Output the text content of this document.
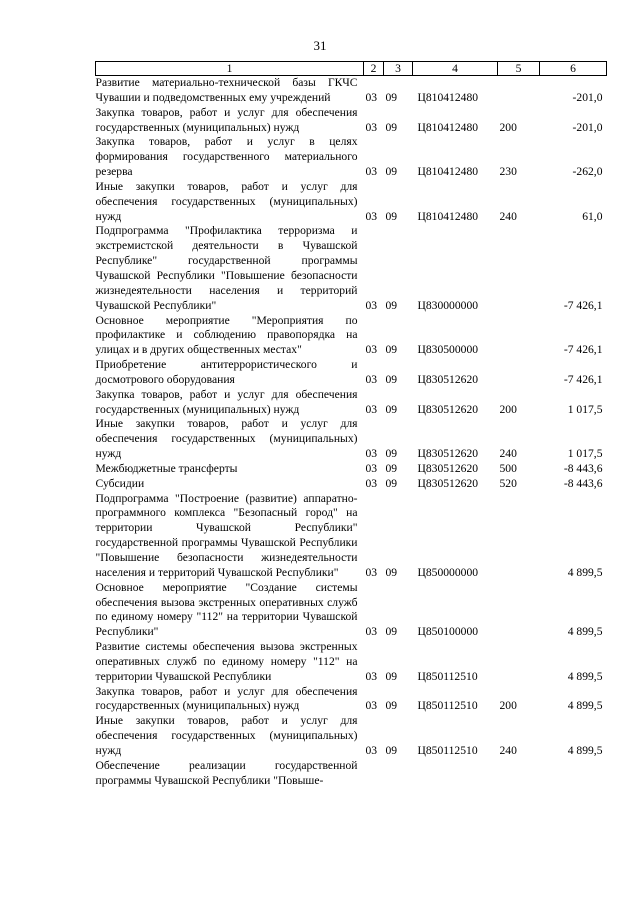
31
1	2	3	4	5	6
Развитие материально-технической базы ГКЧС Чувашии и подведомственных ему учреждений	03	09	Ц810412480		-201,0
Закупка товаров, работ и услуг для обеспечения государственных (муниципальных) нужд	03	09	Ц810412480	200	-201,0
Закупка товаров, работ и услуг в целях формирования государственного материального резерва	03	09	Ц810412480	230	-262,0
Иные закупки товаров, работ и услуг для обеспечения государственных (муниципальных) нужд	03	09	Ц810412480	240	61,0
Подпрограмма "Профилактика терроризма и экстремистской деятельности в Чувашской Республике" государственной программы Чувашской Республики "Повышение безопасности жизнедеятельности населения и территорий Чувашской Республики"	03	09	Ц830000000		-7 426,1
Основное мероприятие "Мероприятия по профилактике и соблюдению правопорядка на улицах и в других общественных местах"	03	09	Ц830500000		-7 426,1
Приобретение антитеррористического и досмотрового оборудования	03	09	Ц830512620		-7 426,1
Закупка товаров, работ и услуг для обеспечения государственных (муниципальных) нужд	03	09	Ц830512620	200	1 017,5
Иные закупки товаров, работ и услуг для обеспечения государственных (муниципальных) нужд	03	09	Ц830512620	240	1 017,5
Межбюджетные трансферты	03	09	Ц830512620	500	-8 443,6
Субсидии	03	09	Ц830512620	520	-8 443,6
Подпрограмма "Построение (развитие) аппаратно-программного комплекса "Безопасный город" на территории Чувашской Республики" государственной программы Чувашской Республики "Повышение безопасности жизнедеятельности населения и территорий Чувашской Республики"	03	09	Ц850000000		4 899,5
Основное мероприятие "Создание системы обеспечения вызова экстренных оперативных служб по единому номеру "112" на территории Чувашской Республики"	03	09	Ц850100000		4 899,5
Развитие системы обеспечения вызова экстренных оперативных служб по единому номеру "112" на территории Чувашской Республики	03	09	Ц850112510		4 899,5
Закупка товаров, работ и услуг для обеспечения государственных (муниципальных) нужд	03	09	Ц850112510	200	4 899,5
Иные закупки товаров, работ и услуг для обеспечения государственных (муниципальных) нужд	03	09	Ц850112510	240	4 899,5
Обеспечение реализации государственной программы Чувашской Республики "Повыше-					
